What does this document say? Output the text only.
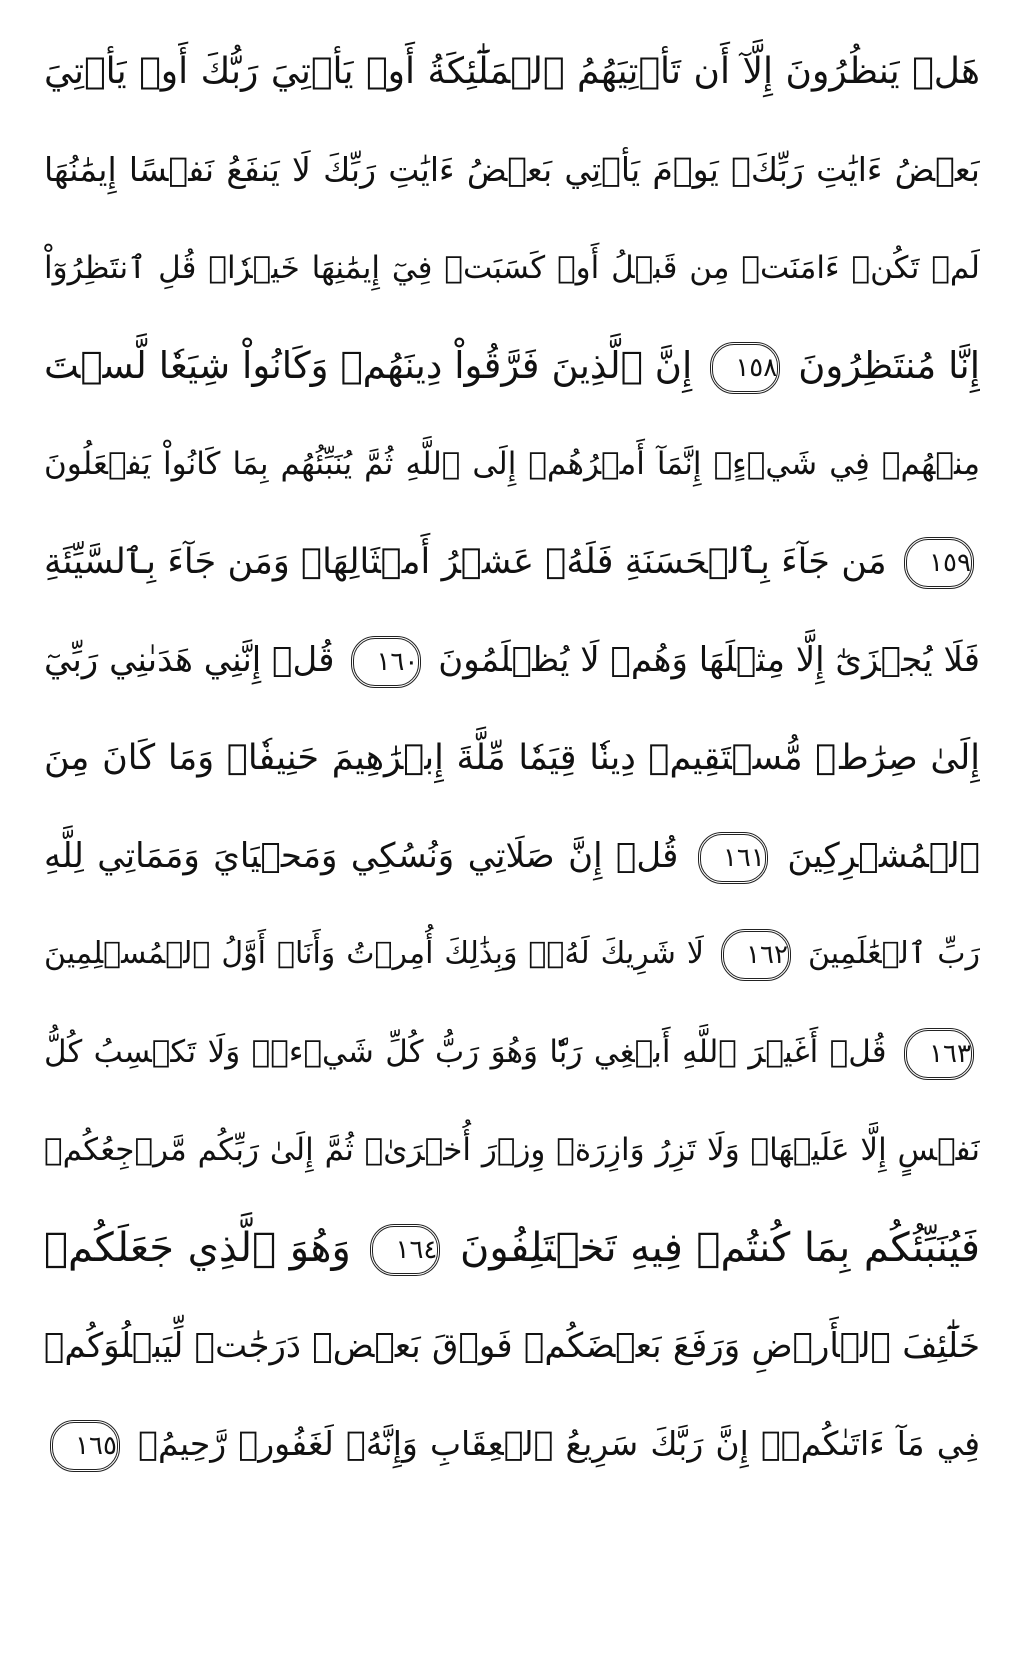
هَلۡ يَنظُرُونَ إِلَّآ أَن تَأۡتِيَهُمُ ٱلۡمَلَٰٓئِكَةُ أَوۡ يَأۡتِيَ رَبُّكَ أَوۡ يَأۡتِيَ
بَعۡضُ ءَايَٰتِ رَبِّكَۗ يَوۡمَ يَأۡتِي بَعۡضُ ءَايَٰتِ رَبِّكَ لَا يَنفَعُ نَفۡسًا إِيمَٰنُهَا
لَمۡ تَكُنۡ ءَامَنَتۡ مِن قَبۡلُ أَوۡ كَسَبَتۡ فِيٓ إِيمَٰنِهَا خَيۡرٗاۗ قُلِ ٱنتَظِرُوٓاْ
إِنَّا مُنتَظِرُونَ ١٥٨ إِنَّ ٱلَّذِينَ فَرَّقُواْ دِينَهُمۡ وَكَانُواْ شِيَعٗا لَّسۡتَ
مِنۡهُمۡ فِي شَيۡءٍۚ إِنَّمَآ أَمۡرُهُمۡ إِلَى ٱللَّهِ ثُمَّ يُنَبِّئُهُم بِمَا كَانُواْ يَفۡعَلُونَ
١٥٩ مَن جَآءَ بِٱلۡحَسَنَةِ فَلَهُۥ عَشۡرُ أَمۡثَالِهَاۖ وَمَن جَآءَ بِٱلسَّيِّئَةِ
فَلَا يُجۡزَىٰٓ إِلَّا مِثۡلَهَا وَهُمۡ لَا يُظۡلَمُونَ ١٦٠ قُلۡ إِنَّنِي هَدَىٰنِي رَبِّيٓ
إِلَىٰ صِرَٰطٖ مُّسۡتَقِيمٖ دِينٗا قِيَمٗا مِّلَّةَ إِبۡرَٰهِيمَ حَنِيفٗاۚ وَمَا كَانَ مِنَ
ٱلۡمُشۡرِكِينَ ١٦١ قُلۡ إِنَّ صَلَاتِي وَنُسُكِي وَمَحۡيَايَ وَمَمَاتِي لِلَّهِ
رَبِّ ٱلۡعَٰلَمِينَ ١٦٢ لَا شَرِيكَ لَهُۥۖ وَبِذَٰلِكَ أُمِرۡتُ وَأَنَا۠ أَوَّلُ ٱلۡمُسۡلِمِينَ
١٦٣ قُلۡ أَغَيۡرَ ٱللَّهِ أَبۡغِي رَبّٗا وَهُوَ رَبُّ كُلِّ شَيۡءٖۚ وَلَا تَكۡسِبُ كُلُّ
نَفۡسٍ إِلَّا عَلَيۡهَاۚ وَلَا تَزِرُ وَازِرَةٞ وِزۡرَ أُخۡرَىٰۚ ثُمَّ إِلَىٰ رَبِّكُم مَّرۡجِعُكُمۡ
فَيُنَبِّئُكُم بِمَا كُنتُمۡ فِيهِ تَخۡتَلِفُونَ ١٦٤ وَهُوَ ٱلَّذِي جَعَلَكُمۡ
خَلَٰٓئِفَ ٱلۡأَرۡضِ وَرَفَعَ بَعۡضَكُمۡ فَوۡقَ بَعۡضٖ دَرَجَٰتٖ لِّيَبۡلُوَكُمۡ
فِي مَآ ءَاتَىٰكُمۡۗ إِنَّ رَبَّكَ سَرِيعُ ٱلۡعِقَابِ وَإِنَّهُۥ لَغَفُورٞ رَّحِيمُۢ ١٦٥
